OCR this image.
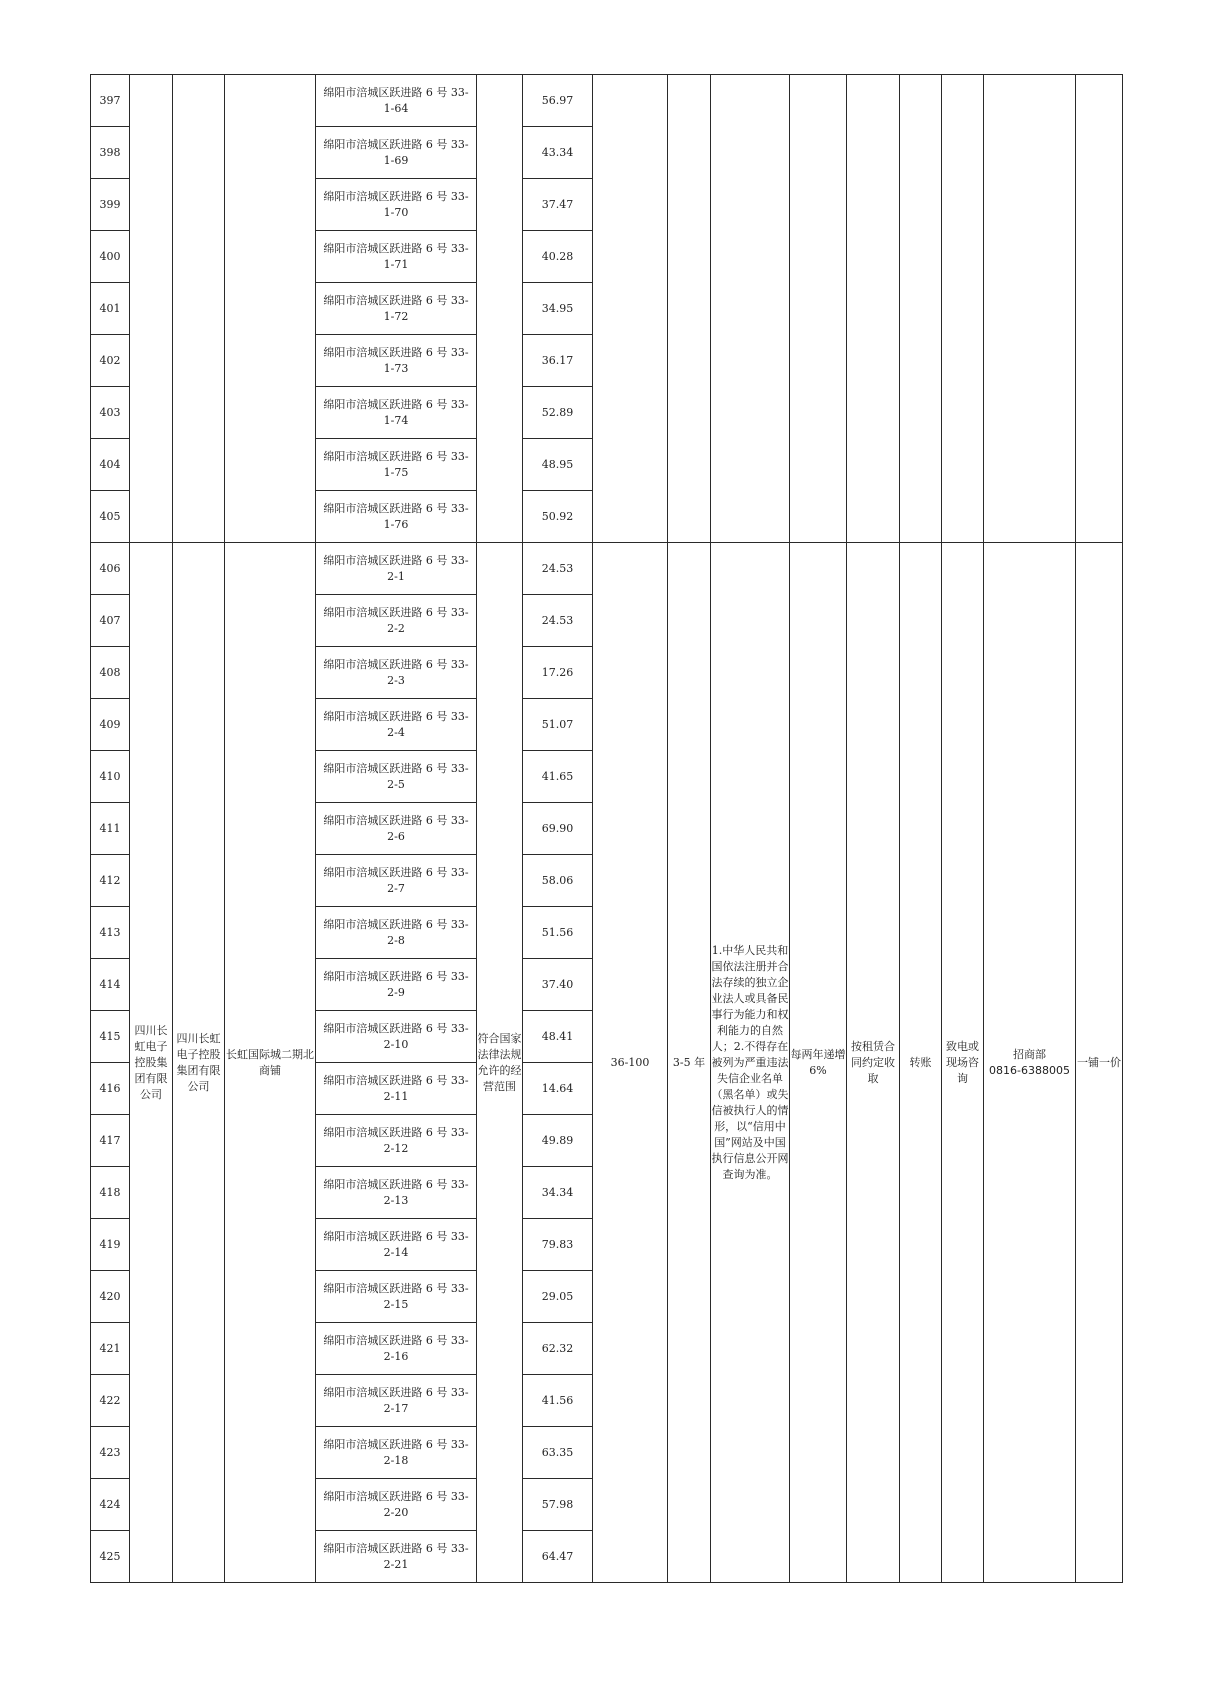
397				绵阳市涪城区跃进路 6 号 33-
1-64		56.97									
398				绵阳市涪城区跃进路 6 号 33-
1-69		43.34									
399				绵阳市涪城区跃进路 6 号 33-
1-70		37.47									
400				绵阳市涪城区跃进路 6 号 33-
1-71		40.28									
401				绵阳市涪城区跃进路 6 号 33-
1-72		34.95									
402				绵阳市涪城区跃进路 6 号 33-
1-73		36.17									
403				绵阳市涪城区跃进路 6 号 33-
1-74		52.89									
404				绵阳市涪城区跃进路 6 号 33-
1-75		48.95									
405				绵阳市涪城区跃进路 6 号 33-
1-76		50.92									
406	四川长虹电子控股集团有限公司	四川长虹电子控股集团有限公司	长虹国际城二期北商铺	绵阳市涪城区跃进路 6 号 33-
2-1	符合国家法律法规允许的经营范围	24.53	36-100	3-5 年	1.中华人民共和国依法注册并合法存续的独立企业法人或具备民事行为能力和权利能力的自然人；2.不得存在被列为严重违法失信企业名单（黑名单）或失信被执行人的情形，以“信用中国”网站及中国执行信息公开网查询为准。	每两年递增 6%	按租赁合同约定收取	转账	致电或现场咨询	招商部
0816-6388005	一铺一价
407				绵阳市涪城区跃进路 6 号 33-
2-2		24.53									
408				绵阳市涪城区跃进路 6 号 33-
2-3		17.26									
409				绵阳市涪城区跃进路 6 号 33-
2-4		51.07									
410				绵阳市涪城区跃进路 6 号 33-
2-5		41.65									
411				绵阳市涪城区跃进路 6 号 33-
2-6		69.90									
412				绵阳市涪城区跃进路 6 号 33-
2-7		58.06									
413				绵阳市涪城区跃进路 6 号 33-
2-8		51.56									
414				绵阳市涪城区跃进路 6 号 33-
2-9		37.40									
415				绵阳市涪城区跃进路 6 号 33-
2-10		48.41									
416				绵阳市涪城区跃进路 6 号 33-
2-11		14.64									
417				绵阳市涪城区跃进路 6 号 33-
2-12		49.89									
418				绵阳市涪城区跃进路 6 号 33-
2-13		34.34									
419				绵阳市涪城区跃进路 6 号 33-
2-14		79.83									
420				绵阳市涪城区跃进路 6 号 33-
2-15		29.05									
421				绵阳市涪城区跃进路 6 号 33-
2-16		62.32									
422				绵阳市涪城区跃进路 6 号 33-
2-17		41.56									
423				绵阳市涪城区跃进路 6 号 33-
2-18		63.35									
424				绵阳市涪城区跃进路 6 号 33-
2-20		57.98									
425				绵阳市涪城区跃进路 6 号 33-
2-21		64.47									
